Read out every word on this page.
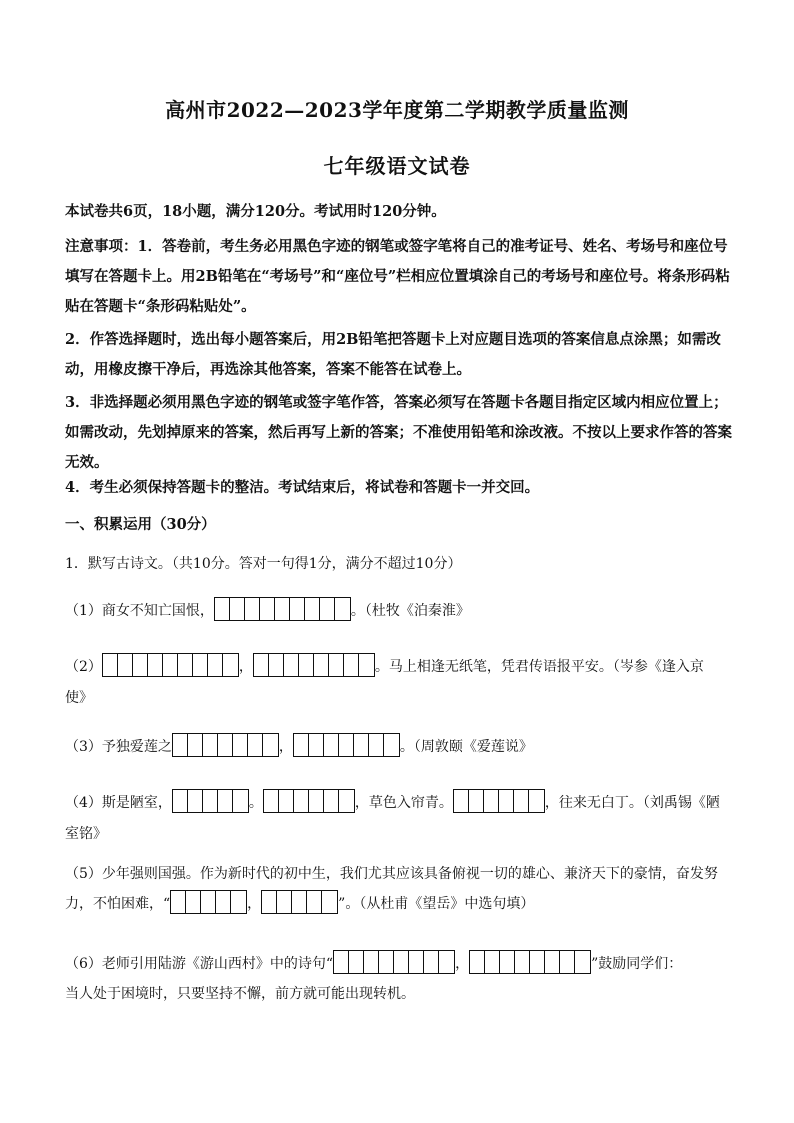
高州市2022—2023学年度第二学期教学质量监测
七年级语文试卷
本试卷共6页，18小题，满分120分。考试用时120分钟。
注意事项：1．答卷前，考生务必用黑色字迹的钢笔或签字笔将自己的准考证号、姓名、考场号和座位号填写在答题卡上。用2B铅笔在“考场号”和“座位号”栏相应位置填涂自己的考场号和座位号。将条形码粘贴在答题卡“条形码粘贴处”。
2．作答选择题时，选出每小题答案后，用2B铅笔把答题卡上对应题目选项的答案信息点涂黑；如需改动，用橡皮擦干净后，再选涂其他答案，答案不能答在试卷上。
3．非选择题必须用黑色字迹的钢笔或签字笔作答，答案必须写在答题卡各题目指定区域内相应位置上；如需改动，先划掉原来的答案，然后再写上新的答案；不准使用铅笔和涂改液。不按以上要求作答的答案无效。
4．考生必须保持答题卡的整洁。考试结束后，将试卷和答题卡一并交回。
一、积累运用（30分）
1．默写古诗文。（共10分。答对一句得1分，满分不超过10分）
（1）商女不知亡国恨，	。（杜牧《泊秦淮》
（2）	，	。马上相逢无纸笔，凭君传语报平安。（岑参《逢入京
使》
（3）予独爱莲之	，	。（周敦颐《爱莲说》
（4）斯是陋室，	。	，草色入帘青。	，往来无白丁。（刘禹锡《陋
室铭》
（5）少年强则国强。作为新时代的初中生，我们尤其应该具备俯视一切的雄心、兼济天下的豪情，奋发努力，不怕困难，“	，	”。（从杜甫《望岳》中选句填）
（6）老师引用陆游《游山西村》中的诗句“	，	”鼓励同学们：
当人处于困境时，只要坚持不懈，前方就可能出现转机。
